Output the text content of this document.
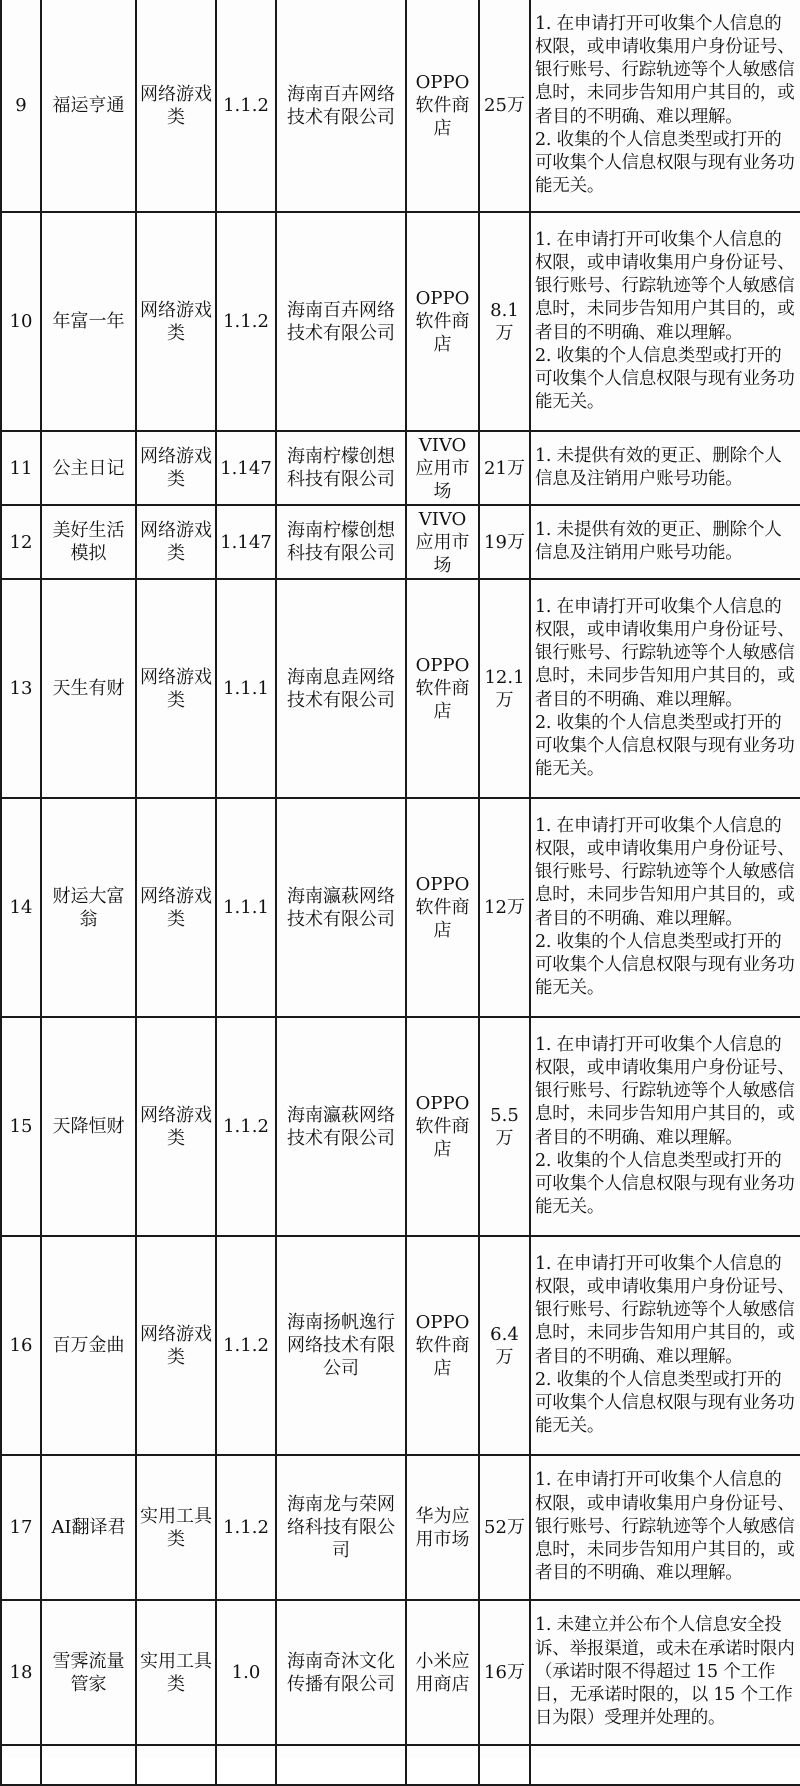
9	福运亨通	网络游戏类	1.1.2	海南百卉网络技术有限公司	OPPO软件商店	25万	1. 在申请打开可收集个人信息的权限，或申请收集用户身份证号、银行账号、行踪轨迹等个人敏感信息时，未同步告知用户其目的，或者目的不明确、难以理解。
2. 收集的个人信息类型或打开的可收集个人信息权限与现有业务功能无关。

10	年富一年	网络游戏类	1.1.2	海南百卉网络技术有限公司	OPPO软件商店	8.1万	1. 在申请打开可收集个人信息的权限，或申请收集用户身份证号、银行账号、行踪轨迹等个人敏感信息时，未同步告知用户其目的，或者目的不明确、难以理解。
2. 收集的个人信息类型或打开的可收集个人信息权限与现有业务功能无关。

11	公主日记	网络游戏类	1.147	海南柠檬创想科技有限公司	VIVO应用市场	21万	1. 未提供有效的更正、删除个人信息及注销用户账号功能。

12	美好生活模拟	网络游戏类	1.147	海南柠檬创想科技有限公司	VIVO应用市场	19万	1. 未提供有效的更正、删除个人信息及注销用户账号功能。

13	天生有财	网络游戏类	1.1.1	海南息垚网络技术有限公司	OPPO软件商店	12.1万	1. 在申请打开可收集个人信息的权限，或申请收集用户身份证号、银行账号、行踪轨迹等个人敏感信息时，未同步告知用户其目的，或者目的不明确、难以理解。
2. 收集的个人信息类型或打开的可收集个人信息权限与现有业务功能无关。

14	财运大富翁	网络游戏类	1.1.1	海南瀛萩网络技术有限公司	OPPO软件商店	12万	1. 在申请打开可收集个人信息的权限，或申请收集用户身份证号、银行账号、行踪轨迹等个人敏感信息时，未同步告知用户其目的，或者目的不明确、难以理解。
2. 收集的个人信息类型或打开的可收集个人信息权限与现有业务功能无关。

15	天降恒财	网络游戏类	1.1.2	海南瀛萩网络技术有限公司	OPPO软件商店	5.5万	1. 在申请打开可收集个人信息的权限，或申请收集用户身份证号、银行账号、行踪轨迹等个人敏感信息时，未同步告知用户其目的，或者目的不明确、难以理解。
2. 收集的个人信息类型或打开的可收集个人信息权限与现有业务功能无关。

16	百万金曲	网络游戏类	1.1.2	海南扬帆逸行网络技术有限公司	OPPO软件商店	6.4万	1. 在申请打开可收集个人信息的权限，或申请收集用户身份证号、银行账号、行踪轨迹等个人敏感信息时，未同步告知用户其目的，或者目的不明确、难以理解。
2. 收集的个人信息类型或打开的可收集个人信息权限与现有业务功能无关。

17	AI翻译君	实用工具类	1.1.2	海南龙与荣网络科技有限公司	华为应用市场	52万	1. 在申请打开可收集个人信息的权限，或申请收集用户身份证号、银行账号、行踪轨迹等个人敏感信息时，未同步告知用户其目的，或者目的不明确、难以理解。

18	雪霁流量管家	实用工具类	1.0	海南奇沐文化传播有限公司	小米应用商店	16万	1. 未建立并公布个人信息安全投诉、举报渠道，或未在承诺时限内（承诺时限不得超过 15 个工作日，无承诺时限的，以 15 个工作日为限）受理并处理的。
